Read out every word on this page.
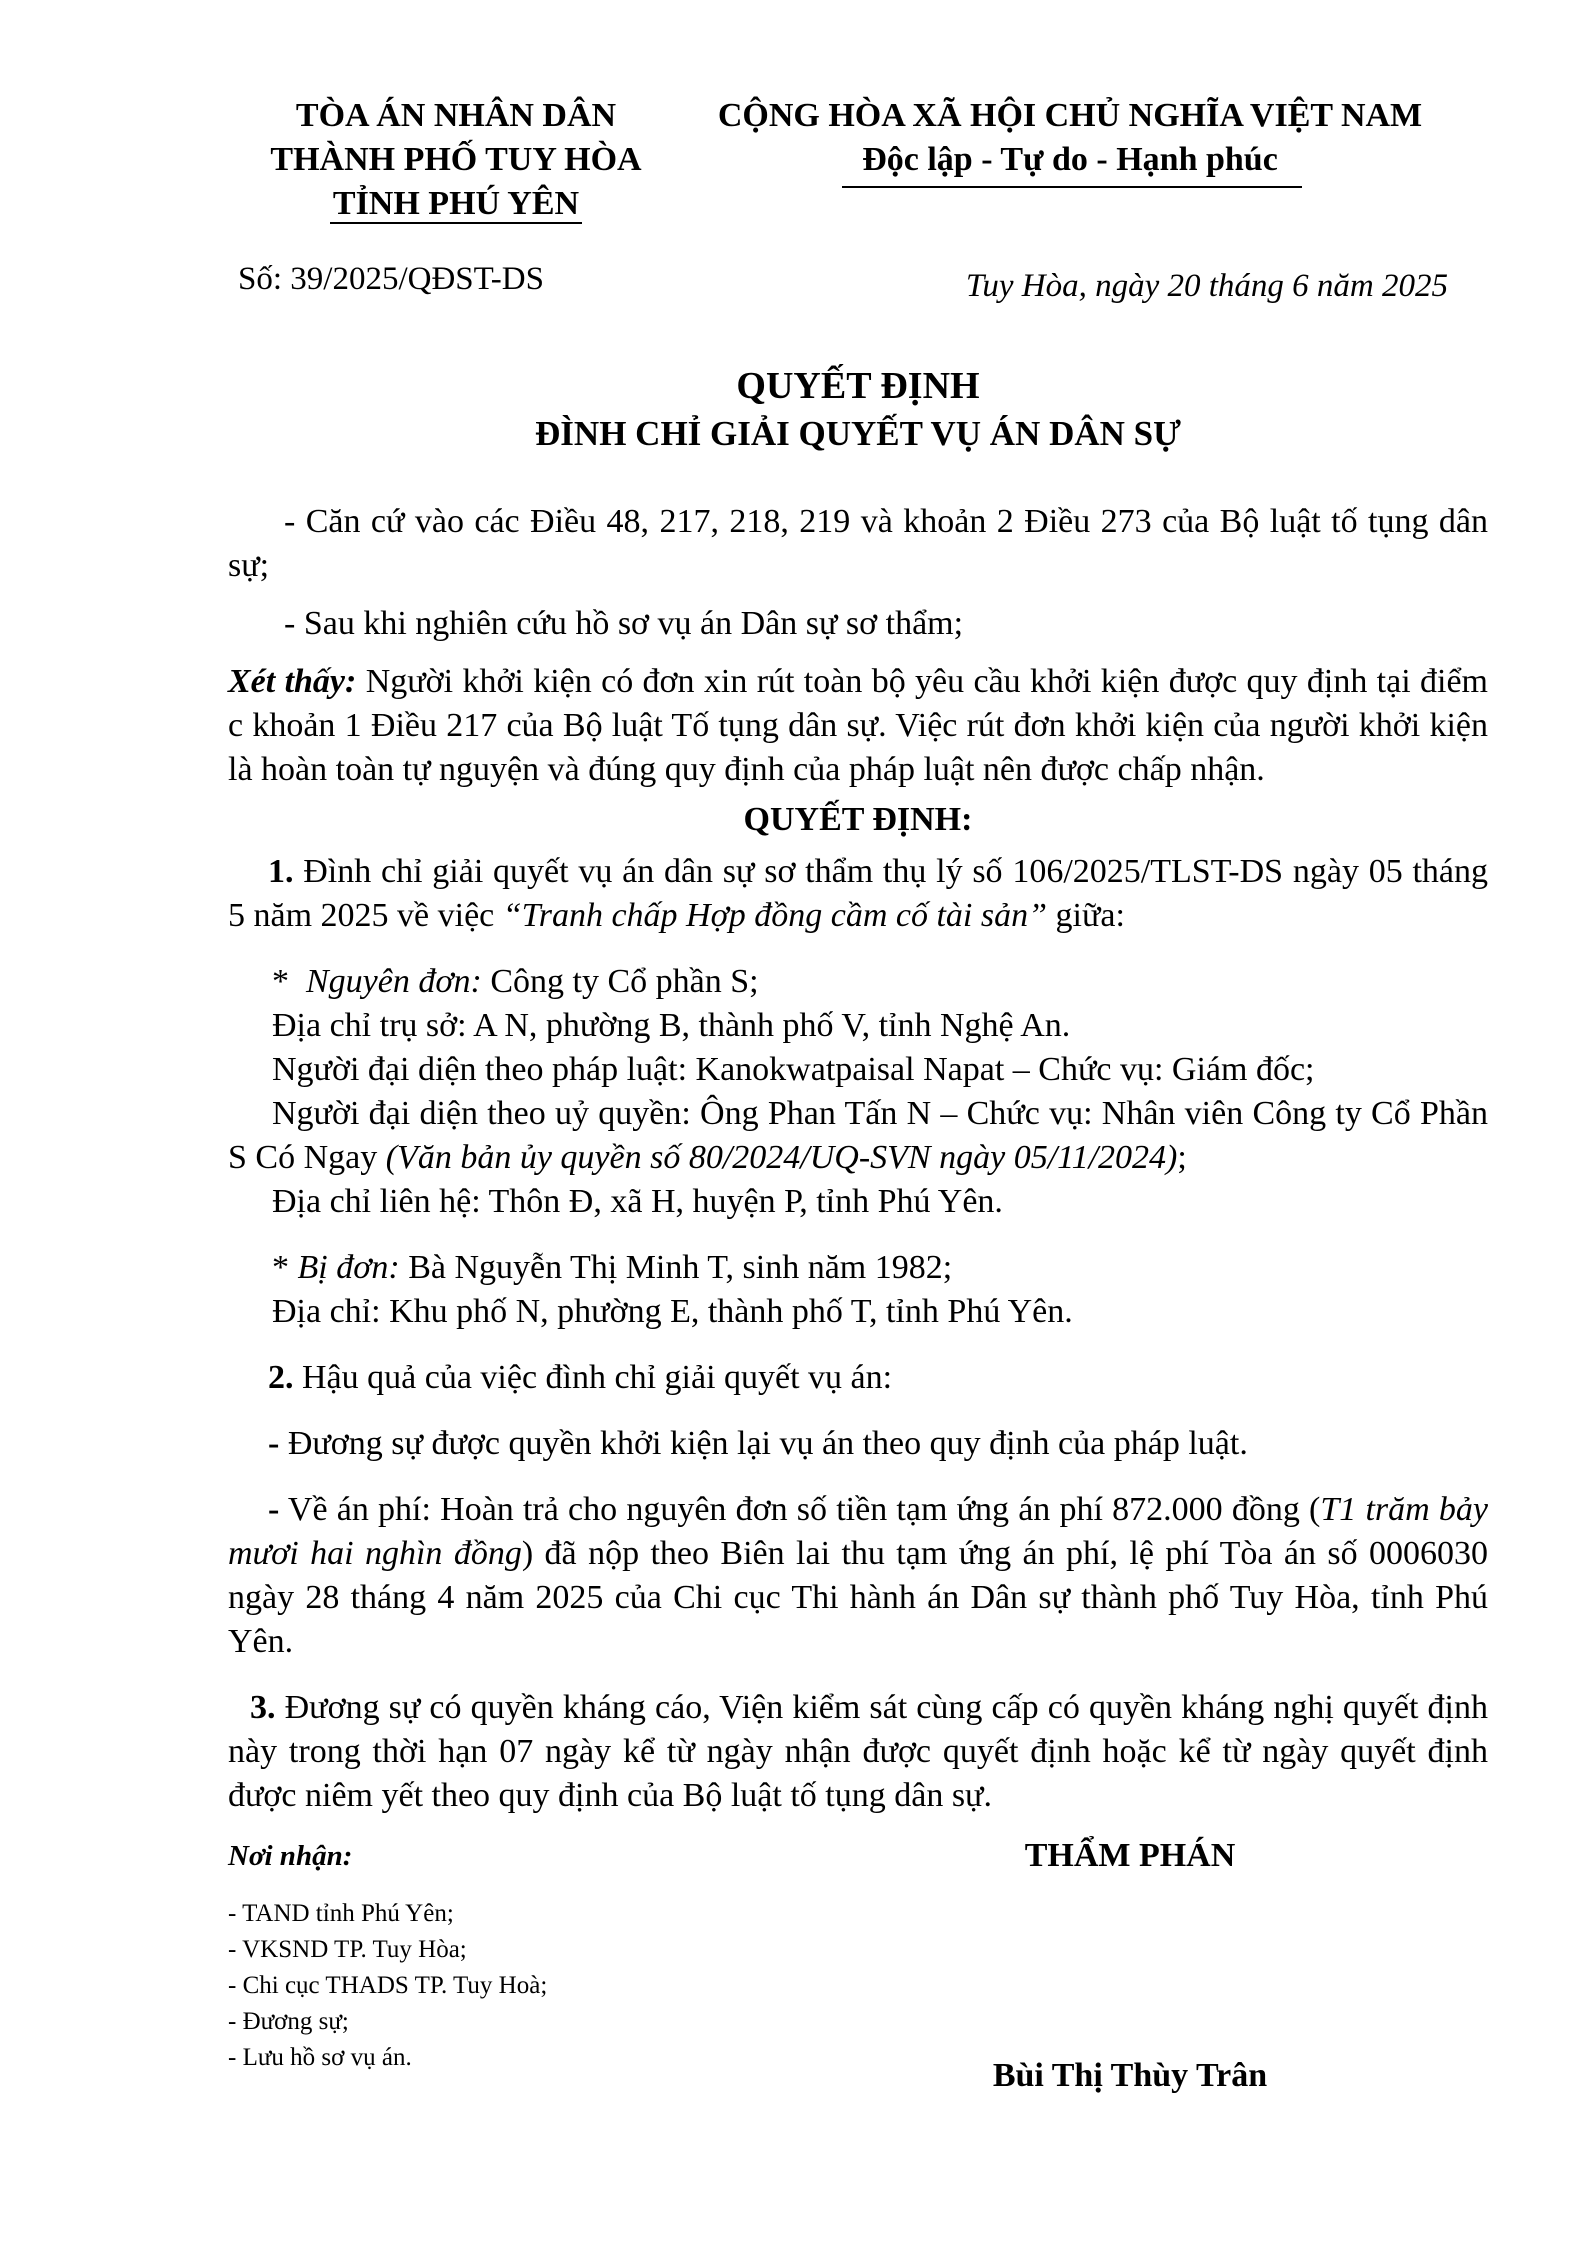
TÒA ÁN NHÂN DÂN
THÀNH PHỐ TUY HÒA
TỈNH PHÚ YÊN
CỘNG HÒA XÃ HỘI CHỦ NGHĨA VIỆT NAM
Độc lập - Tự do - Hạnh phúc
Số: 39/2025/QĐST-DS	Tuy Hòa, ngày 20 tháng 6 năm 2025
QUYẾT ĐỊNH
ĐÌNH CHỈ GIẢI QUYẾT VỤ ÁN DÂN SỰ

- Căn cứ vào các Điều 48, 217, 218, 219 và khoản 2 Điều 273 của Bộ luật tố tụng dân sự;

- Sau khi nghiên cứu hồ sơ vụ án Dân sự sơ thẩm;

Xét thấy: Người khởi kiện có đơn xin rút toàn bộ yêu cầu khởi kiện được quy định tại điểm c khoản 1 Điều 217 của Bộ luật Tố tụng dân sự. Việc rút đơn khởi kiện của người khởi kiện là hoàn toàn tự nguyện và đúng quy định của pháp luật nên được chấp nhận.

QUYẾT ĐỊNH:

1. Đình chỉ giải quyết vụ án dân sự sơ thẩm thụ lý số 106/2025/TLST-DS ngày 05 tháng 5 năm 2025 về việc “Tranh chấp Hợp đồng cầm cố tài sản” giữa:

*  Nguyên đơn: Công ty Cổ phần S;

Địa chỉ trụ sở: A N, phường B, thành phố V, tỉnh Nghệ An.

Người đại diện theo pháp luật: Kanokwatpaisal Napat – Chức vụ: Giám đốc;

Người đại diện theo uỷ quyền: Ông Phan Tấn N – Chức vụ: Nhân viên Công ty Cổ Phần S Có Ngay (Văn bản ủy quyền số 80/2024/UQ-SVN ngày 05/11/2024);

Địa chỉ liên hệ: Thôn Đ, xã H, huyện P, tỉnh Phú Yên.

* Bị đơn: Bà Nguyễn Thị Minh T, sinh năm 1982;

Địa chỉ: Khu phố N, phường E, thành phố T, tỉnh Phú Yên.

2. Hậu quả của việc đình chỉ giải quyết vụ án:

- Đương sự được quyền khởi kiện lại vụ án theo quy định của pháp luật.

- Về án phí: Hoàn trả cho nguyên đơn số tiền tạm ứng án phí 872.000 đồng (T1 trăm bảy mươi hai nghìn đồng) đã nộp theo Biên lai thu tạm ứng án phí, lệ phí Tòa án số 0006030 ngày 28 tháng 4 năm 2025 của Chi cục Thi hành án Dân sự thành phố Tuy Hòa, tỉnh Phú Yên.

3. Đương sự có quyền kháng cáo, Viện kiểm sát cùng cấp có quyền kháng nghị quyết định này trong thời hạn 07 ngày kể từ ngày nhận được quyết định hoặc kể từ ngày quyết định được niêm yết theo quy định của Bộ luật tố tụng dân sự.

Nơi nhận:
- TAND tỉnh Phú Yên;
- VKSND TP. Tuy Hòa;
- Chi cục THADS TP. Tuy Hoà;
- Đương sự;
- Lưu hồ sơ vụ án.
THẨM PHÁN
Bùi Thị Thùy Trân
